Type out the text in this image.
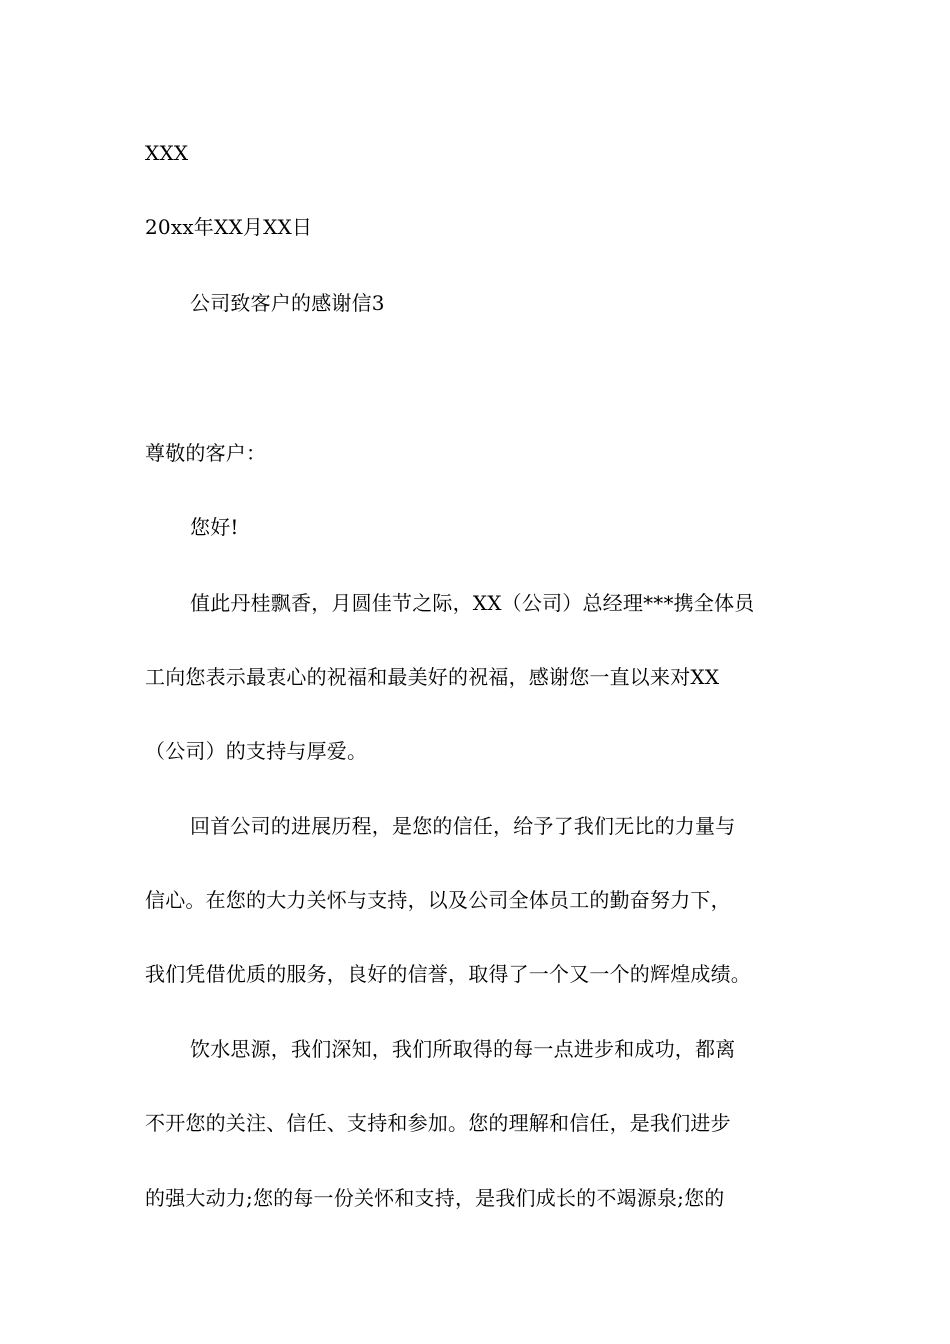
XXX
20xx年XX月XX日
公司致客户的感谢信3
尊敬的客户：
您好!
值此丹桂飘香，月圆佳节之际，XX（公司）总经理***携全体员
工向您表示最衷心的祝福和最美好的祝福，感谢您一直以来对XX
（公司）的支持与厚爱。
回首公司的进展历程，是您的信任，给予了我们无比的力量与
信心。在您的大力关怀与支持，以及公司全体员工的勤奋努力下，
我们凭借优质的服务，良好的信誉，取得了一个又一个的辉煌成绩。
饮水思源，我们深知，我们所取得的每一点进步和成功，都离
不开您的关注、信任、支持和参加。您的理解和信任，是我们进步
的强大动力;您的每一份关怀和支持，是我们成长的不竭源泉;您的
